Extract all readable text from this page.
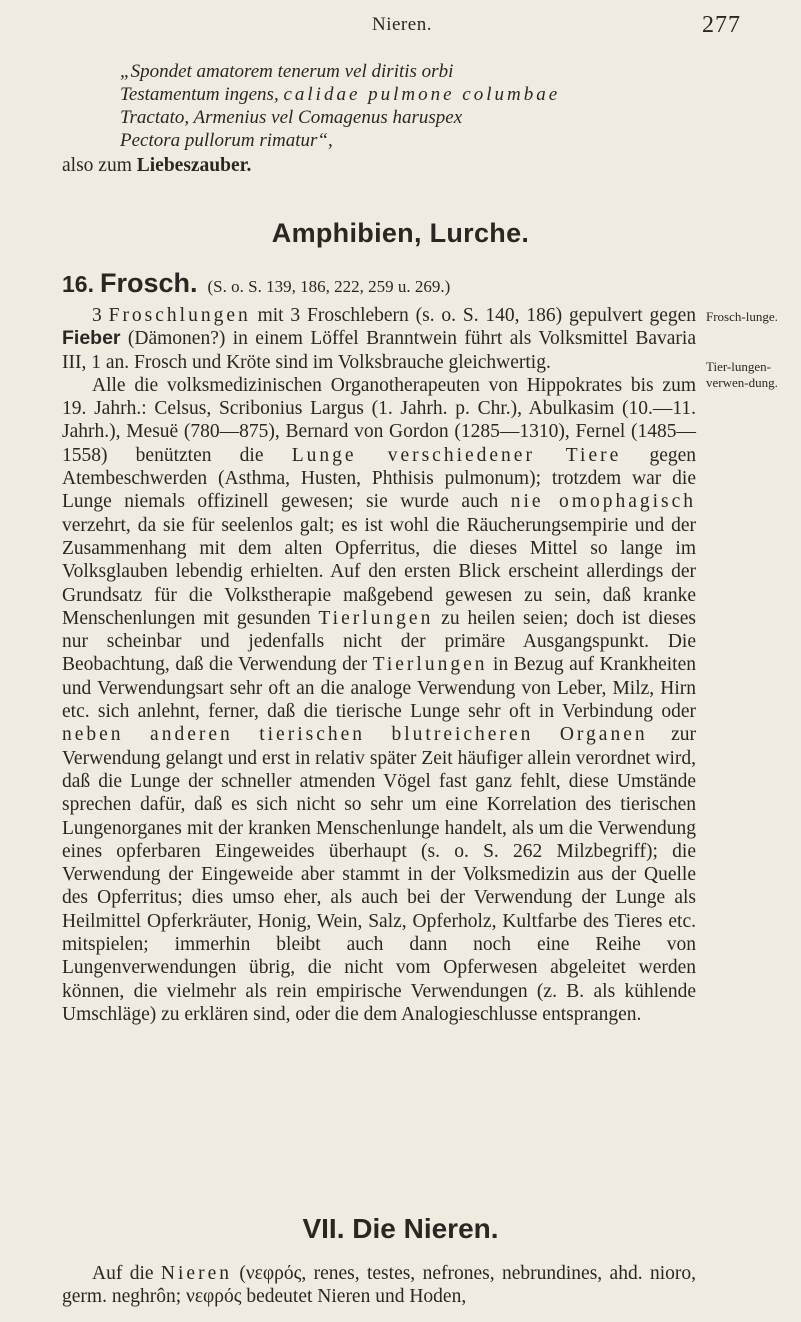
Nieren.	277
„Spondet amatorem tenerum vel diritis orbi
Testamentum ingens, calidae pulmone columbae
Tractato, Armenius vel Comagenus haruspex
Pectora pullorum rimatur“,
also zum Liebeszauber.
Amphibien, Lurche.
16. Frosch. (S. o. S. 139, 186, 222, 259 u. 269.)

3 Froschlungen mit 3 Froschlebern (s. o. S. 140, 186) gepulvert gegen Fieber (Dämonen?) in einem Löffel Branntwein führt als Volksmittel Bavaria III, 1 an. Frosch und Kröte sind im Volksbrauche gleichwertig.

Alle die volksmedizinischen Organotherapeuten von Hippokrates bis zum 19. Jahrh.: Celsus, Scribonius Largus (1. Jahrh. p. Chr.), Abulkasim (10.—11. Jahrh.), Mesuë (780—875), Bernard von Gordon (1285—1310), Fernel (1485—1558) benützten die Lunge verschiedener Tiere gegen Atembeschwerden (Asthma, Husten, Phthisis pulmonum); trotzdem war die Lunge niemals offizinell gewesen; sie wurde auch nie omophagisch verzehrt, da sie für seelenlos galt; es ist wohl die Räucherungsempirie und der Zusammenhang mit dem alten Opferritus, die dieses Mittel so lange im Volksglauben lebendig erhielten. Auf den ersten Blick erscheint allerdings der Grundsatz für die Volkstherapie maßgebend gewesen zu sein, daß kranke Menschenlungen mit gesunden Tierlungen zu heilen seien; doch ist dieses nur scheinbar und jedenfalls nicht der primäre Ausgangspunkt. Die Beobachtung, daß die Verwendung der Tierlungen in Bezug auf Krankheiten und Verwendungsart sehr oft an die analoge Verwendung von Leber, Milz, Hirn etc. sich anlehnt, ferner, daß die tierische Lunge sehr oft in Verbindung oder neben anderen tierischen blutreicheren Organen zur Verwendung gelangt und erst in relativ später Zeit häufiger allein verordnet wird, daß die Lunge der schneller atmenden Vögel fast ganz fehlt, diese Umstände sprechen dafür, daß es sich nicht so sehr um eine Korrelation des tierischen Lungenorganes mit der kranken Menschenlunge handelt, als um die Verwendung eines opferbaren Eingeweides überhaupt (s. o. S. 262 Milzbegriff); die Verwendung der Eingeweide aber stammt in der Volksmedizin aus der Quelle des Opferritus; dies umso eher, als auch bei der Verwendung der Lunge als Heilmittel Opferkräuter, Honig, Wein, Salz, Opferholz, Kultfarbe des Tieres etc. mitspielen; immerhin bleibt auch dann noch eine Reihe von Lungenverwendungen übrig, die nicht vom Opferwesen abgeleitet werden können, die vielmehr als rein empirische Verwendungen (z. B. als kühlende Umschläge) zu erklären sind, oder die dem Analogieschlusse entsprangen.

Frosch-lunge.
Tier-lungen-verwen-dung.
VII. Die Nieren.

Auf die Nieren (νεφρός, renes, testes, nefrones, nebrundines, ahd. nioro, germ. neghrôn; νεφρός bedeutet Nieren und Hoden,
